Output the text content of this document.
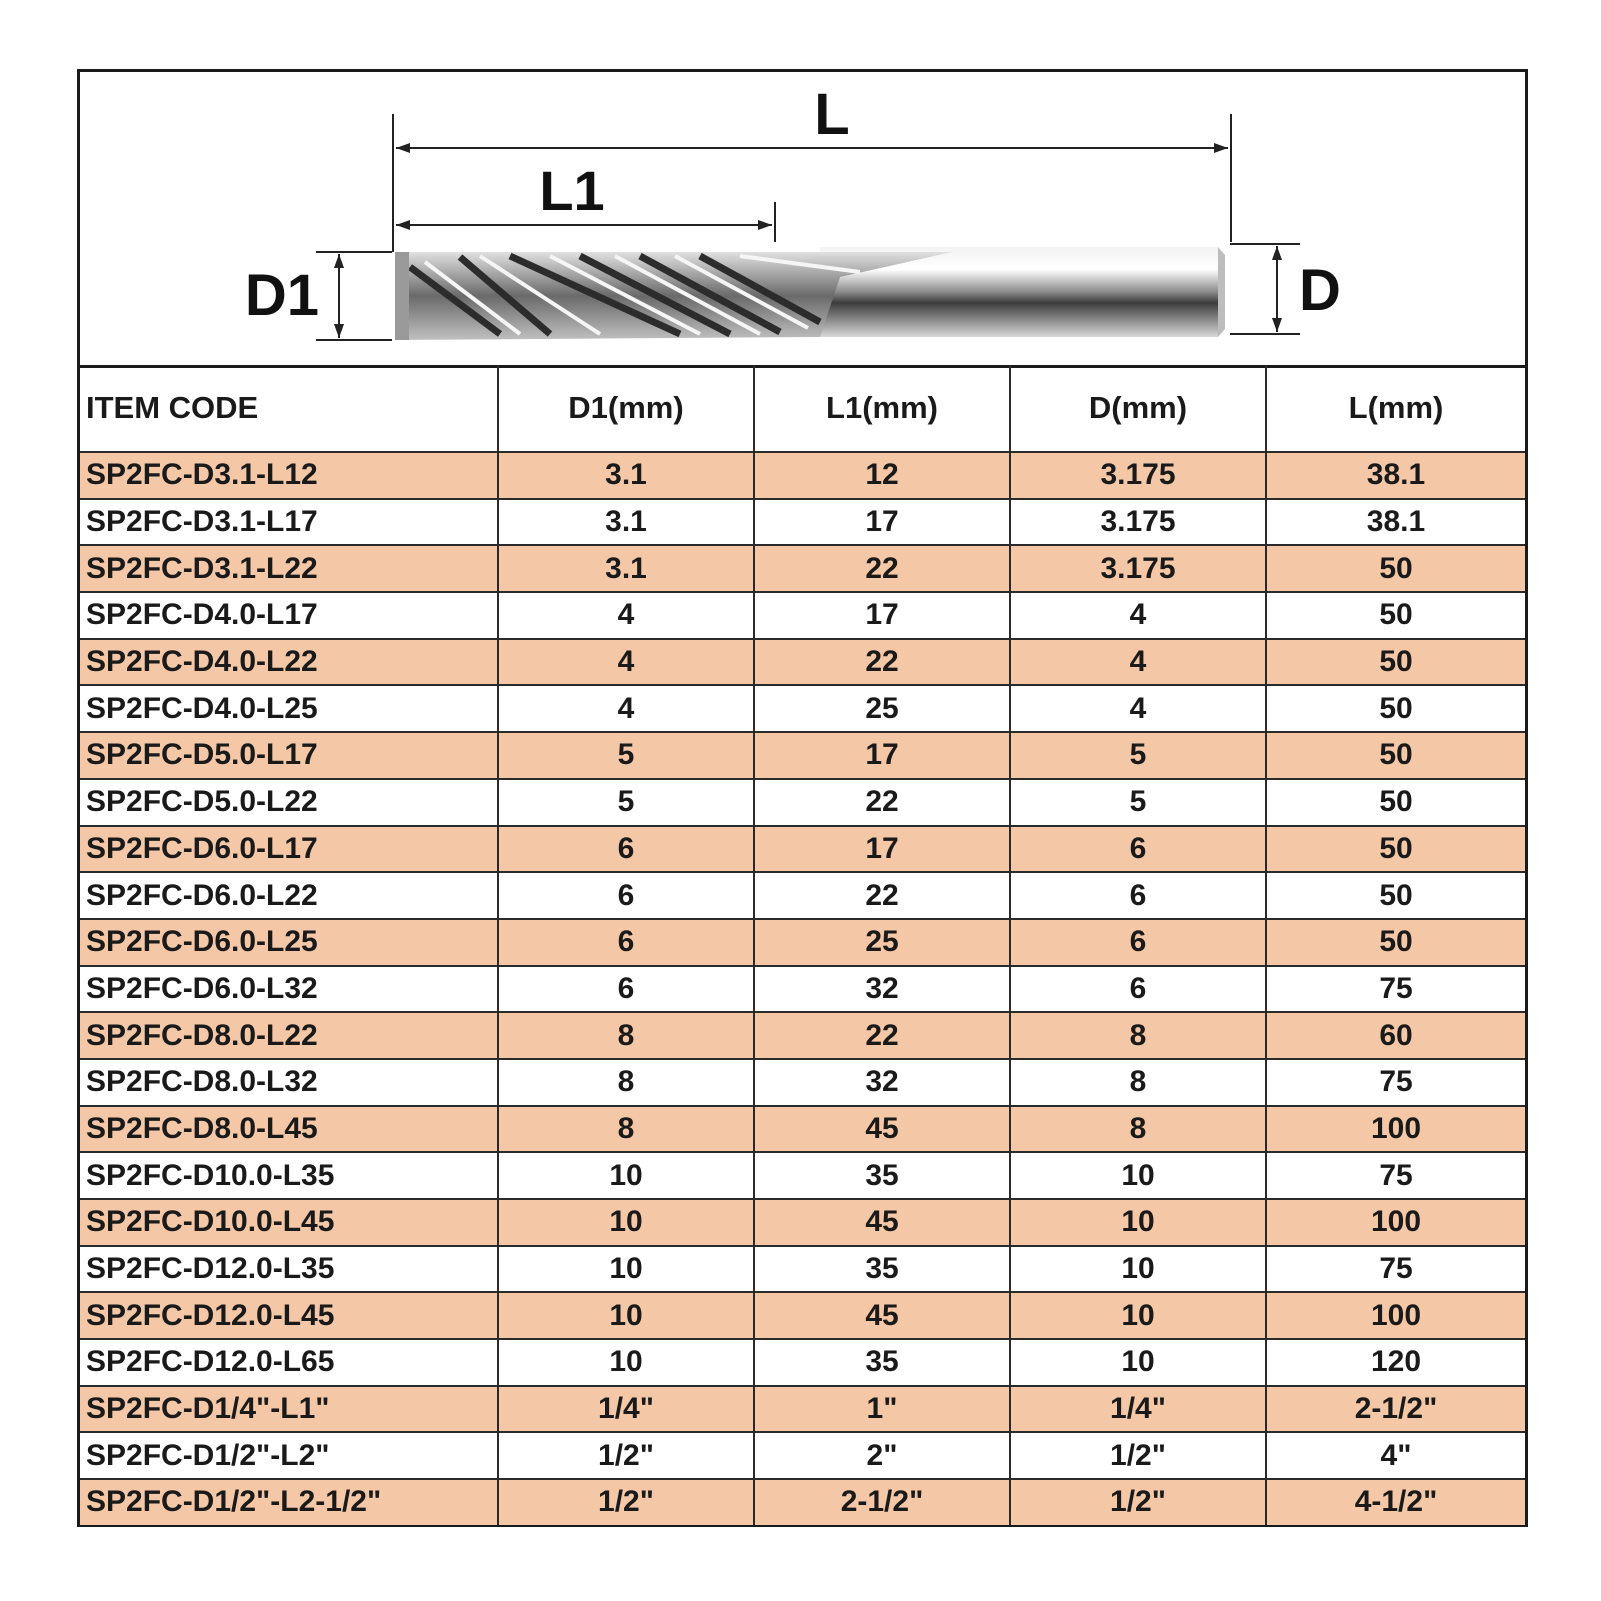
L
L1
D1	D
ITEM CODE	D1(mm)	L1(mm)	D(mm)	L(mm)
SP2FC-D3.1-L12	3.1	12	3.175	38.1
SP2FC-D3.1-L17	3.1	17	3.175	38.1
SP2FC-D3.1-L22	3.1	22	3.175	50
SP2FC-D4.0-L17	4	17	4	50
SP2FC-D4.0-L22	4	22	4	50
SP2FC-D4.0-L25	4	25	4	50
SP2FC-D5.0-L17	5	17	5	50
SP2FC-D5.0-L22	5	22	5	50
SP2FC-D6.0-L17	6	17	6	50
SP2FC-D6.0-L22	6	22	6	50
SP2FC-D6.0-L25	6	25	6	50
SP2FC-D6.0-L32	6	32	6	75
SP2FC-D8.0-L22	8	22	8	60
SP2FC-D8.0-L32	8	32	8	75
SP2FC-D8.0-L45	8	45	8	100
SP2FC-D10.0-L35	10	35	10	75
SP2FC-D10.0-L45	10	45	10	100
SP2FC-D12.0-L35	10	35	10	75
SP2FC-D12.0-L45	10	45	10	100
SP2FC-D12.0-L65	10	35	10	120
SP2FC-D1/4"-L1"	1/4"	1"	1/4"	2-1/2"
SP2FC-D1/2"-L2"	1/2"	2"	1/2"	4"
SP2FC-D1/2"-L2-1/2"	1/2"	2-1/2"	1/2"	4-1/2"
